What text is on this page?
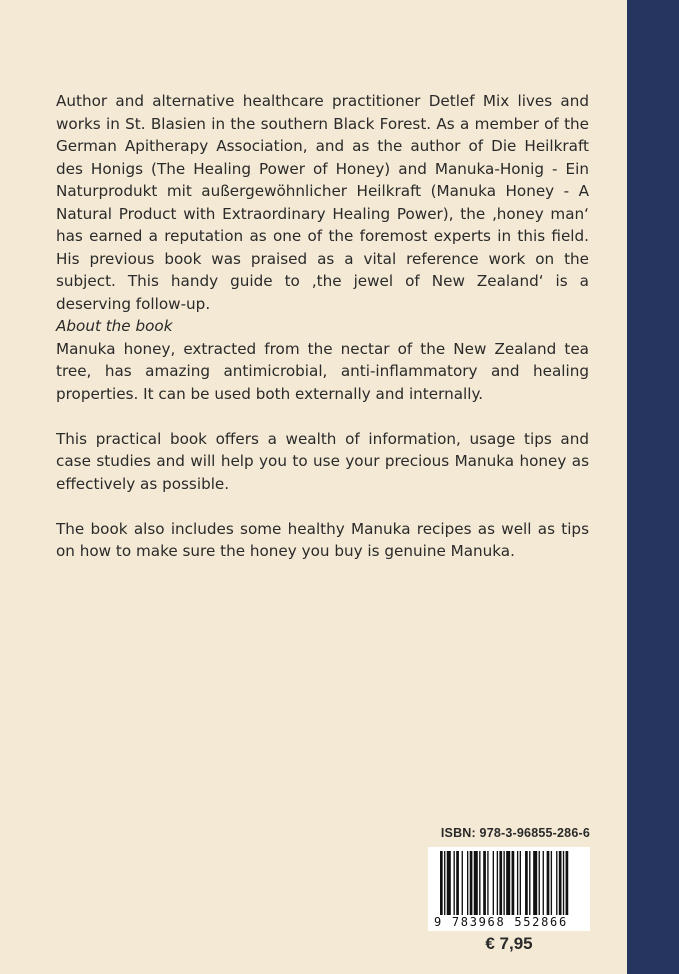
Author and alternative healthcare practitioner Detlef Mix lives and works in St. Blasien in the southern Black Forest. As a member of the German Apitherapy Association, and as the author of Die Heilkraft des Honigs (The Healing Power of Honey) and Manuka-Honig - Ein Naturprodukt mit außergewöhnlicher Heilkraft (Manuka Honey - A Natural Product with Extraordinary Healing Power), the ‚honey man‘ has earned a reputation as one of the foremost experts in this field. His previous book was praised as a vital reference work on the subject. This handy guide to ‚the jewel of New Zealand‘ is a deserving follow-up.

About the book

Manuka honey, extracted from the nectar of the New Zealand tea tree, has amazing antimicrobial, anti-inflammatory and healing properties. It can be used both externally and internally.

This practical book offers a wealth of information, usage tips and case studies and will help you to use your precious Manuka honey as effectively as possible.

The book also includes some healthy Manuka recipes as well as tips on how to make sure the honey you buy is genuine Manuka.

ISBN: 978-3-96855-286-6
9 783968 552866
€ 7,95
